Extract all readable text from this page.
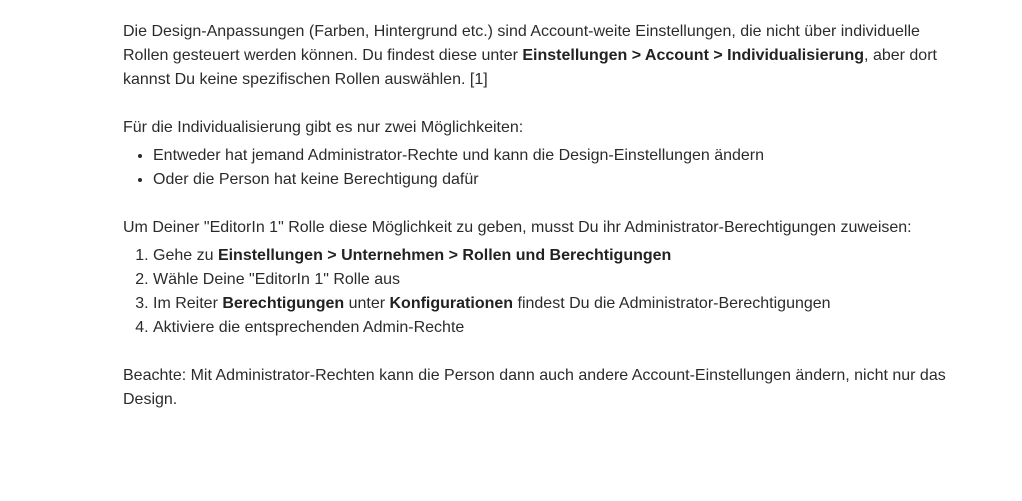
Die Design-Anpassungen (Farben, Hintergrund etc.) sind Account-weite Einstellungen, die nicht über individuelle Rollen gesteuert werden können. Du findest diese unter Einstellungen > Account > Individualisierung, aber dort kannst Du keine spezifischen Rollen auswählen. [1]

Für die Individualisierung gibt es nur zwei Möglichkeiten:

• Entweder hat jemand Administrator-Rechte und kann die Design-Einstellungen ändern
• Oder die Person hat keine Berechtigung dafür

Um Deiner "EditorIn 1" Rolle diese Möglichkeit zu geben, musst Du ihr Administrator-Berechtigungen zuweisen:

1. Gehe zu Einstellungen > Unternehmen > Rollen und Berechtigungen
2. Wähle Deine "EditorIn 1" Rolle aus
3. Im Reiter Berechtigungen unter Konfigurationen findest Du die Administrator-Berechtigungen
4. Aktiviere die entsprechenden Admin-Rechte

Beachte: Mit Administrator-Rechten kann die Person dann auch andere Account-Einstellungen ändern, nicht nur das Design.
